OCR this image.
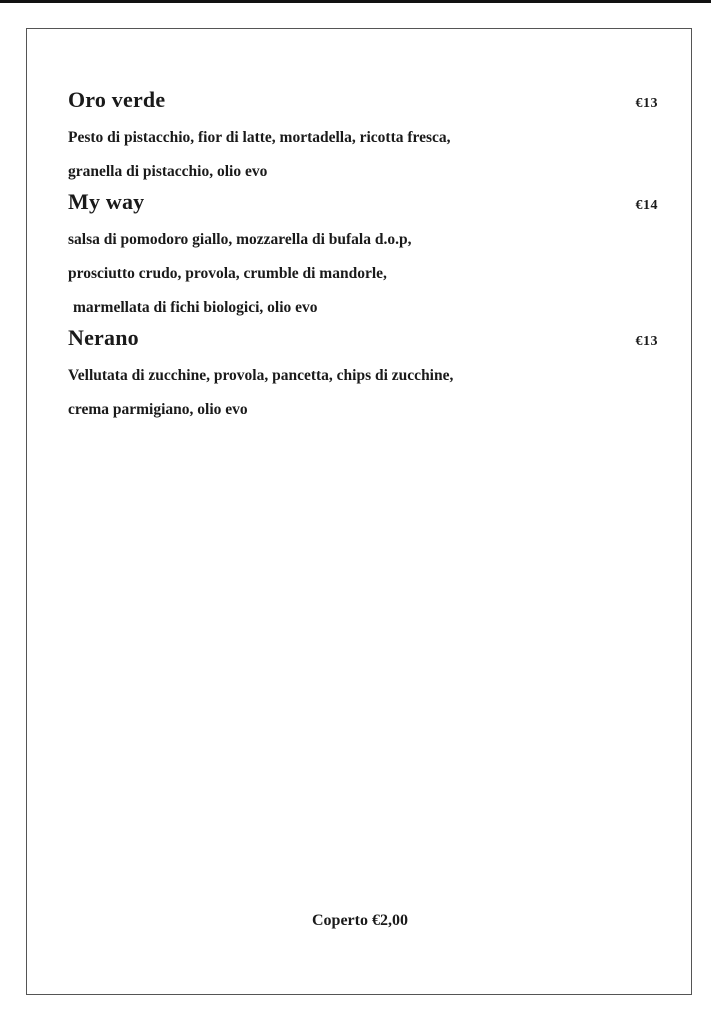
Oro verde	€13
Pesto di pistacchio, fior di latte, mortadella, ricotta fresca,
granella di pistacchio, olio evo
My way	€14
salsa di pomodoro giallo, mozzarella di bufala d.o.p,
prosciutto crudo, provola, crumble di mandorle,
marmellata di fichi biologici, olio evo
Nerano	€13
Vellutata di zucchine, provola, pancetta, chips di zucchine,
crema parmigiano, olio evo
Coperto €2,00
